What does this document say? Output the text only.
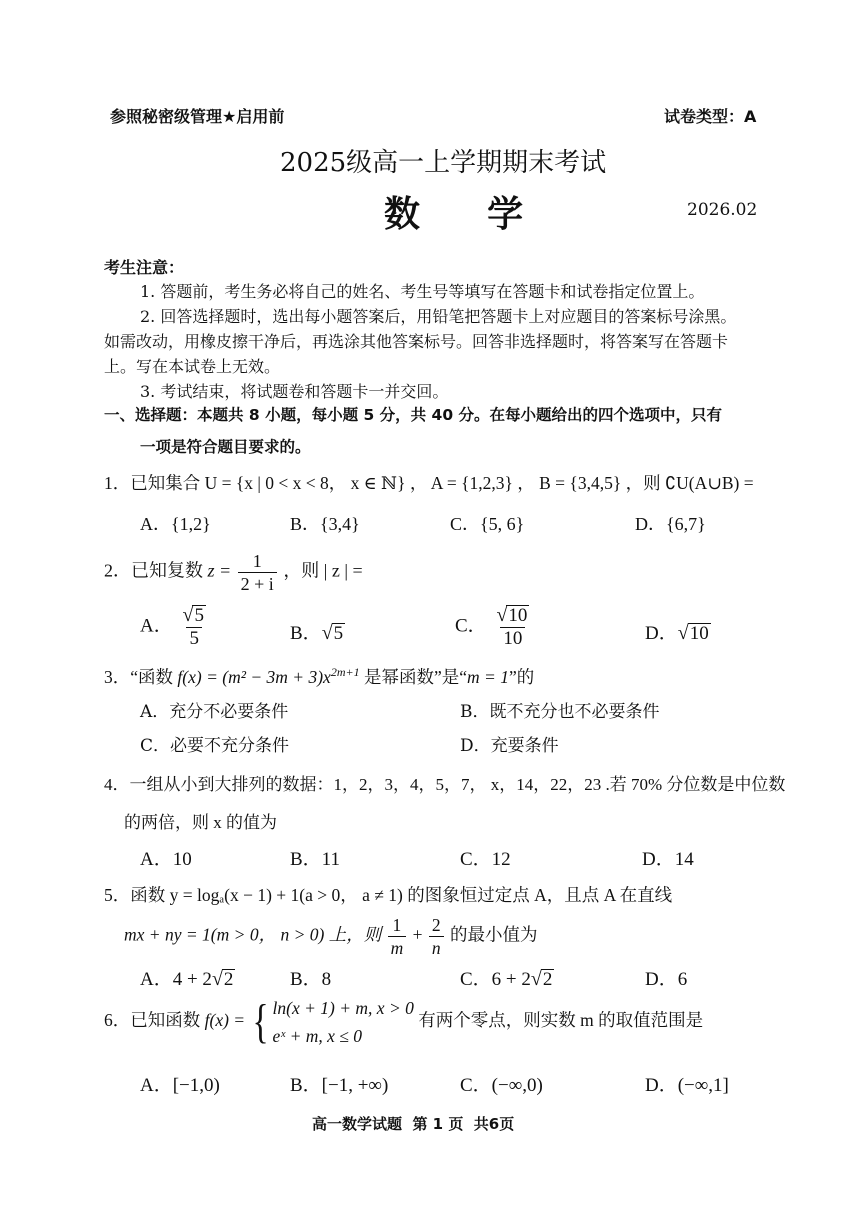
参照秘密级管理★启用前	试卷类型：A
2025级高一上学期期末考试
数  学	2026.02
考生注意：
1. 答题前，考生务必将自己的姓名、考生号等填写在答题卡和试卷指定位置上。
2. 回答选择题时，选出每小题答案后，用铅笔把答题卡上对应题目的答案标号涂黑。
如需改动，用橡皮擦干净后，再选涂其他答案标号。回答非选择题时，将答案写在答题卡
上。写在本试卷上无效。
3. 考试结束，将试题卷和答题卡一并交回。
一、选择题：本题共 8 小题，每小题 5 分，共 40 分。在每小题给出的四个选项中，只有
一项是符合题目要求的。
1．已知集合 U = {x | 0 < x < 8， x ∈ ℕ} ， A = {1,2,3} ， B = {3,4,5} ，则 ∁U(A∪B) =
A．{1,2}	B．{3,4}	C．{5, 6}	D．{6,7}
2．已知复数 $z = \frac{1}{2 + i}$ ，则 | z | =
A． $\frac{√5}{5}$	B．√5	C． $\frac{√10}{10}$	D．√10
3．“函数 $f(x) = (m^2 - 3m + 3)x^{2m+1}$ 是幂函数”是“m = 1”的
A．充分不必要条件	B．既不充分也不必要条件
C．必要不充分条件	D．充要条件
4．一组从小到大排列的数据：1，2，3，4，5，7， x，14，22，23 .若 70% 分位数是中位数
的两倍，则 x 的值为
A．10	B．11	C．12	D．14
5．函数 y = logₐ(x − 1) + 1(a > 0， a ≠ 1) 的图象恒过定点 A，且点 A 在直线
mx + ny = 1(m > 0， n > 0) 上，则 $\frac{1}{m} + \frac{2}{n}$ 的最小值为
A．4 + 2√2	B．8	C．6 + 2√2	D．6
6．已知函数 f(x) = { ln(x + 1) + m, x > 0
eˣ + m, x ≤ 0
有两个零点，则实数 m 的取值范围是
A．[−1,0)	B．[−1, +∞)	C．(−∞,0)	D．(−∞,1]
高一数学试题  第 1 页  共6页
